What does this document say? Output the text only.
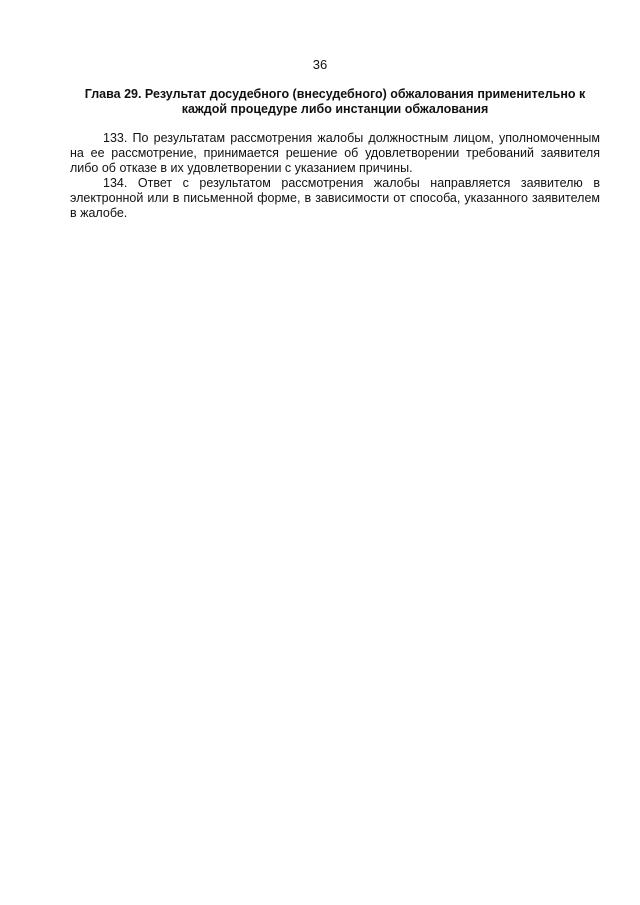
36
Глава 29. Результат досудебного (внесудебного) обжалования применительно к каждой процедуре либо инстанции обжалования

133. По результатам рассмотрения жалобы должностным лицом, уполномоченным на ее рассмотрение, принимается решение об удовлетворении требований заявителя либо об отказе в их удовлетворении с указанием причины.

134. Ответ с результатом рассмотрения жалобы направляется заявителю в электронной или в письменной форме, в зависимости от способа, указанного заявителем в жалобе.
